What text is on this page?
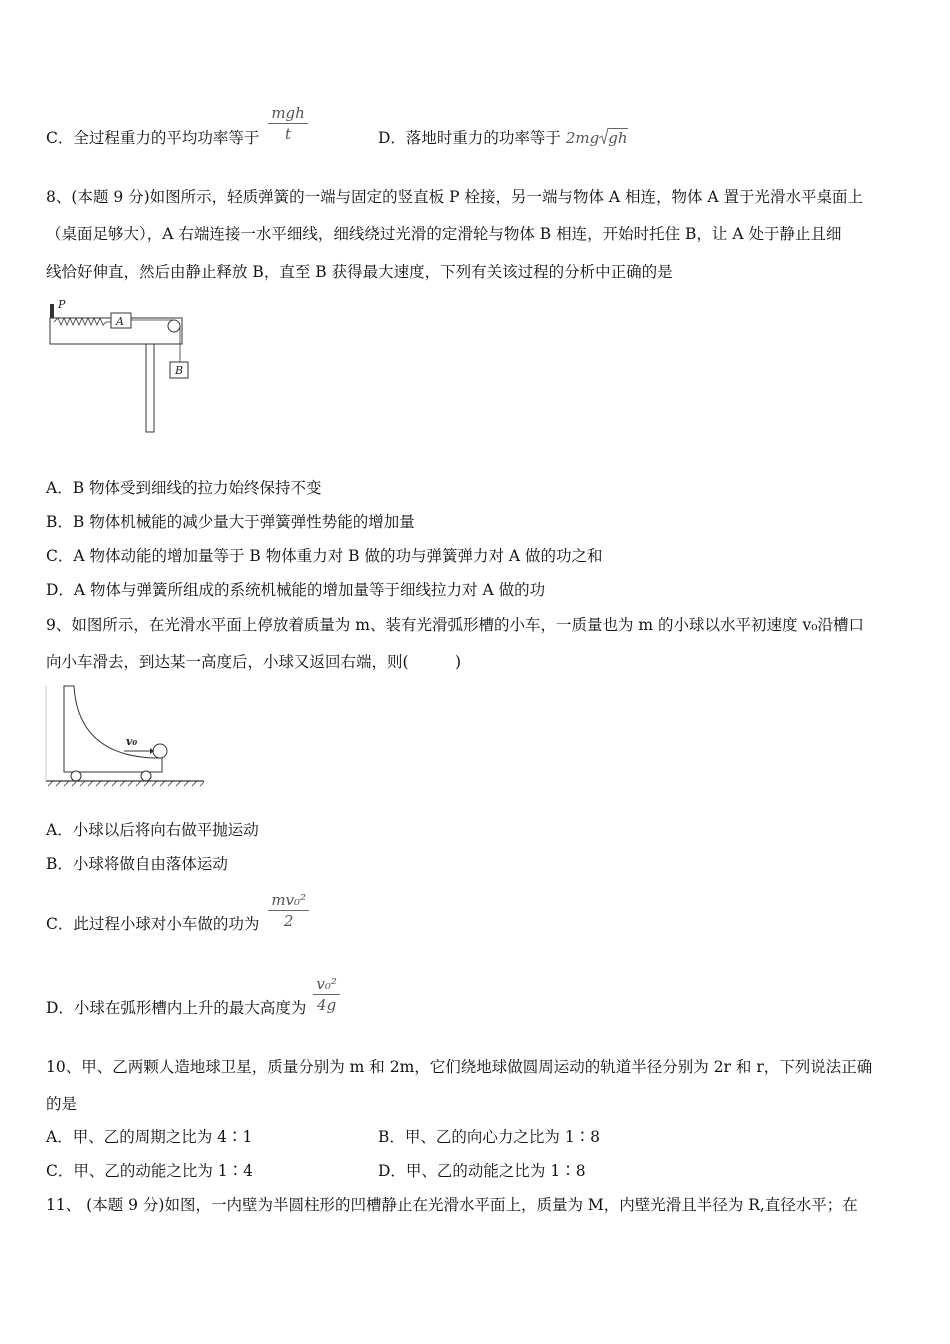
C．全过程重力的平均功率等于 $\frac{\text{mgh}}{t}$	D．落地时重力的功率等于 2mg gh
8、(本题 9 分)如图所示，轻质弹簧的一端与固定的竖直板 P 栓接，另一端与物体 A 相连，物体 A 置于光滑水平桌面上
（桌面足够大），A 右端连接一水平细线，细线绕过光滑的定滑轮与物体 B 相连，开始时托住 B，让 A 处于静止且细
线恰好伸直，然后由静止释放 B，直至 B 获得最大速度，下列有关该过程的分析中正确的是
P
A
B
A．B 物体受到细线的拉力始终保持不变
B．B 物体机械能的减少量大于弹簧弹性势能的增加量
C．A 物体动能的增加量等于 B 物体重力对 B 做的功与弹簧弹力对 A 做的功之和
D．A 物体与弹簧所组成的系统机械能的增加量等于细线拉力对 A 做的功
9、如图所示，在光滑水平面上停放着质量为 m、装有光滑弧形槽的小车，一质量也为 m 的小球以水平初速度 v₀沿槽口
向小车滑去，到达某一高度后，小球又返回右端，则(　　　)
v₀
A．小球以后将向右做平抛运动
B．小球将做自由落体运动
C．此过程小球对小车做的功为 $\frac{\text{mv₀²}}{2}$
D．小球在弧形槽内上升的最大高度为 $\frac{\text{v₀²}}{4g}$
10、甲、乙两颗人造地球卫星，质量分别为 m 和 2m，它们绕地球做圆周运动的轨道半径分别为 2r 和 r，下列说法正确
的是
A．甲、乙的周期之比为 4∶1	B．甲、乙的向心力之比为 1∶8
C．甲、乙的动能之比为 1∶4	D．甲、乙的动能之比为 1∶8
11、 (本题 9 分)如图，一内壁为半圆柱形的凹槽静止在光滑水平面上，质量为 M，内壁光滑且半径为 R,直径水平；在
